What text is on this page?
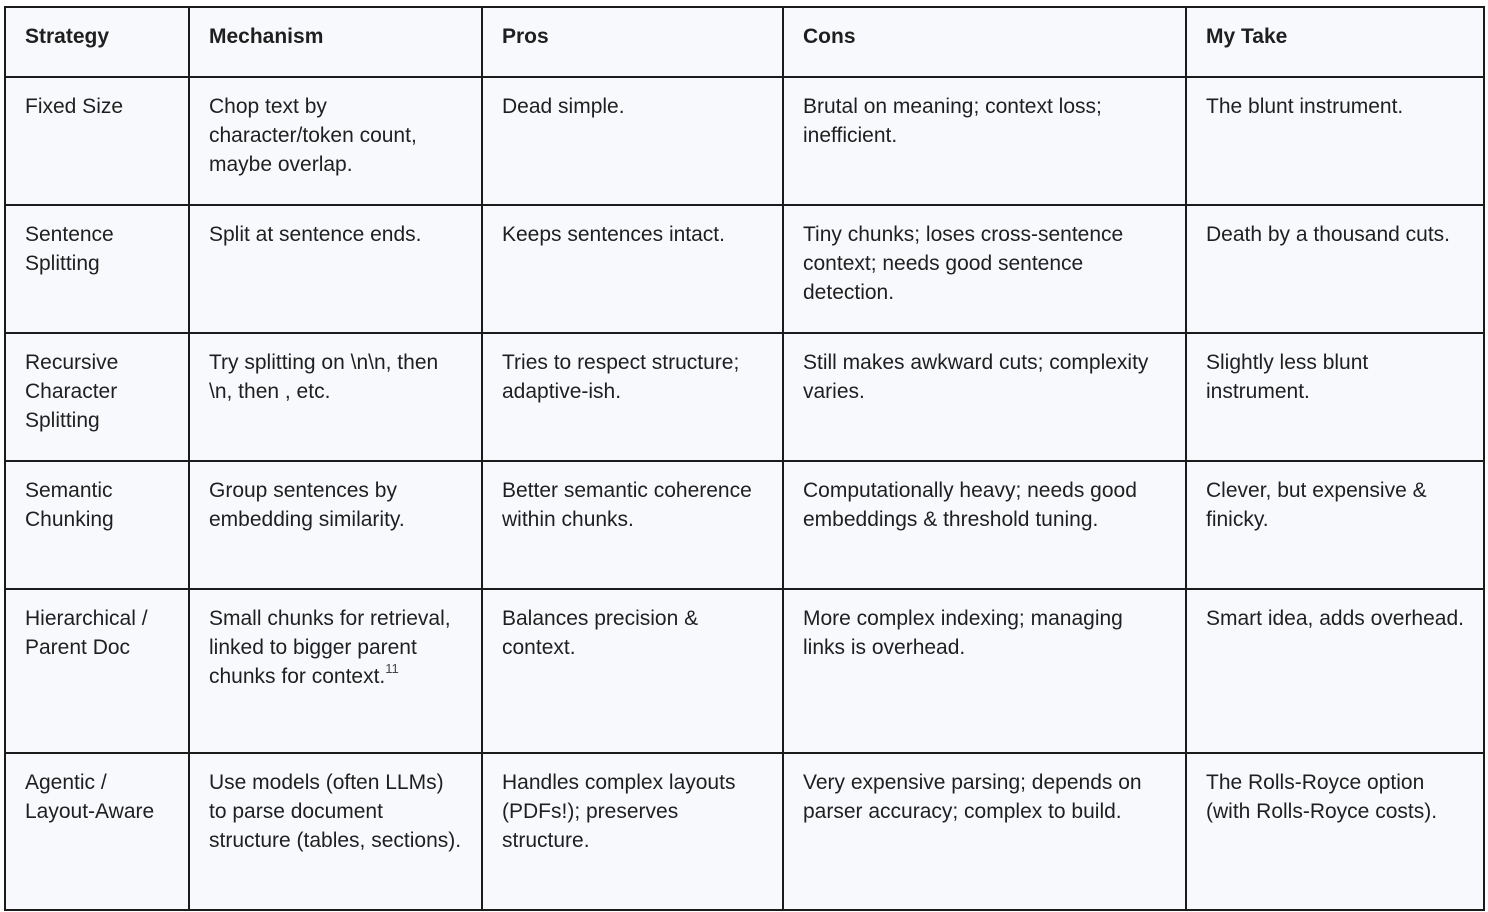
Strategy	Mechanism	Pros	Cons	My Take
Fixed Size	Chop text by character/token count, maybe overlap.	Dead simple.	Brutal on meaning; context loss; inefficient.	The blunt instrument.
Sentence Splitting	Split at sentence ends.	Keeps sentences intact.	Tiny chunks; loses cross-sentence context; needs good sentence detection.	Death by a thousand cuts.
Recursive Character Splitting	Try splitting on \n\n, then \n, then , etc.	Tries to respect structure; adaptive-ish.	Still makes awkward cuts; complexity varies.	Slightly less blunt instrument.
Semantic Chunking	Group sentences by embedding similarity.	Better semantic coherence within chunks.	Computationally heavy; needs good embeddings & threshold tuning.	Clever, but expensive & finicky.
Hierarchical / Parent Doc	Small chunks for retrieval, linked to bigger parent chunks for context.$^{11}$	Balances precision & context.	More complex indexing; managing links is overhead.	Smart idea, adds overhead.
Agentic / Layout-Aware	Use models (often LLMs) to parse document structure (tables, sections).	Handles complex layouts (PDFs!); preserves structure.	Very expensive parsing; depends on parser accuracy; complex to build.	The Rolls-Royce option (with Rolls-Royce costs).
